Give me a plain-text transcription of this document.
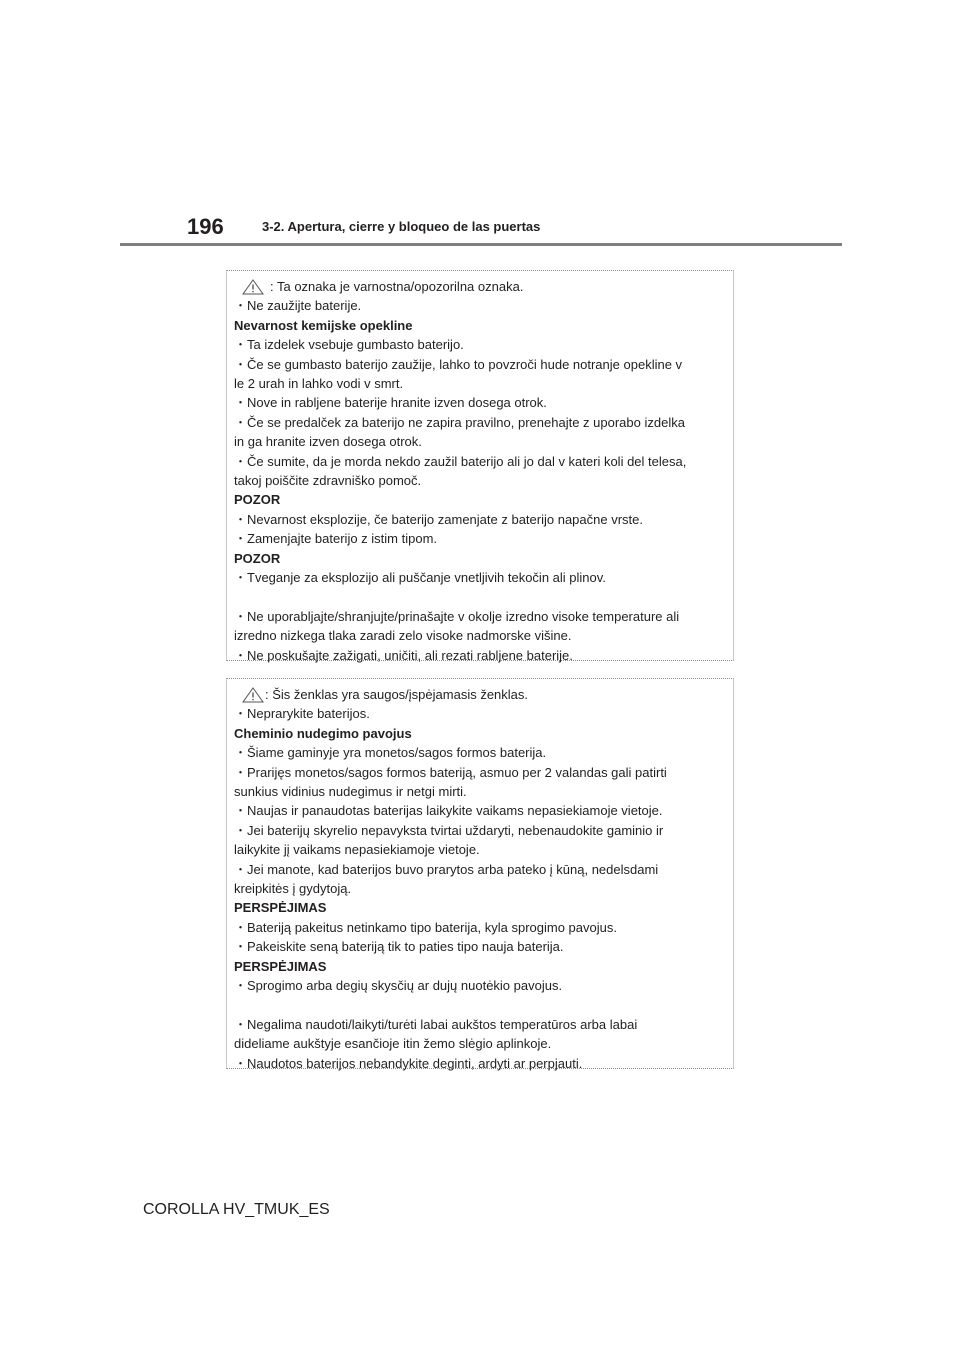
196	3-2. Apertura, cierre y bloqueo de las puertas
: Ta oznaka je varnostna/opozorilna oznaka.
・Ne zaužijte baterije.
Nevarnost kemijske opekline
・Ta izdelek vsebuje gumbasto baterijo.
・Če se gumbasto baterijo zaužije, lahko to povzroči hude notranje opekline v
le 2 urah in lahko vodi v smrt.
・Nove in rabljene baterije hranite izven dosega otrok.
・Če se predalček za baterijo ne zapira pravilno, prenehajte z uporabo izdelka
in ga hranite izven dosega otrok.
・Če sumite, da je morda nekdo zaužil baterijo ali jo dal v kateri koli del telesa,
takoj poiščite zdravniško pomoč.
POZOR
・Nevarnost eksplozije, če baterijo zamenjate z baterijo napačne vrste.
・Zamenjajte baterijo z istim tipom.
POZOR
・Tveganje za eksplozijo ali puščanje vnetljivih tekočin ali plinov.
・Ne uporabljajte/shranjujte/prinašajte v okolje izredno visoke temperature ali
izredno nizkega tlaka zaradi zelo visoke nadmorske višine.
・Ne poskušajte zažigati, uničiti, ali rezati rabljene baterije.
: Šis ženklas yra saugos/įspėjamasis ženklas.
・Neprarykite baterijos.
Cheminio nudegimo pavojus
・Šiame gaminyje yra monetos/sagos formos baterija.
・Prarijęs monetos/sagos formos bateriją, asmuo per 2 valandas gali patirti
sunkius vidinius nudegimus ir netgi mirti.
・Naujas ir panaudotas baterijas laikykite vaikams nepasiekiamoje vietoje.
・Jei baterijų skyrelio nepavyksta tvirtai uždaryti, nebenaudokite gaminio ir
laikykite jį vaikams nepasiekiamoje vietoje.
・Jei manote, kad baterijos buvo prarytos arba pateko į kūną, nedelsdami
kreipkitės į gydytoją.
PERSPĖJIMAS
・Bateriją pakeitus netinkamo tipo baterija, kyla sprogimo pavojus.
・Pakeiskite seną bateriją tik to paties tipo nauja baterija.
PERSPĖJIMAS
・Sprogimo arba degių skysčių ar dujų nuotėkio pavojus.
・Negalima naudoti/laikyti/turėti labai aukštos temperatūros arba labai
dideliame aukštyje esančioje itin žemo slėgio aplinkoje.
・Naudotos baterijos nebandykite deginti, ardyti ar perpjauti.
COROLLA HV_TMUK_ES
